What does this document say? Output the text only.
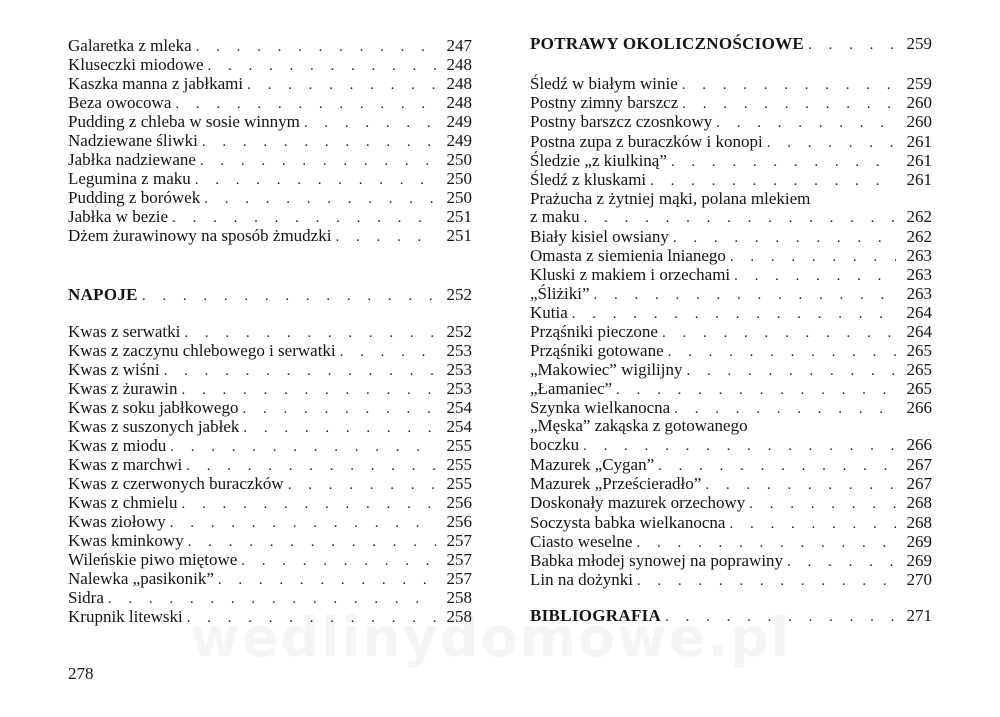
Galaretka z mleka . . .	247
Kluseczki miodowe . . .	248
Kaszka manna z jabłkami . . .	248
Beza owocowa . . .	248
Pudding z chleba w sosie winnym . . .	249
Nadziewane śliwki . . .	249
Jabłka nadziewane . . .	250
Legumina z maku . . .	250
Pudding z borówek . . .	250
Jabłka w bezie . . .	251
Dżem żurawinowy na sposób żmudzki . . .	251
NAPOJE . . .	252
Kwas z serwatki . . .	252
Kwas z zaczynu chlebowego i serwatki . . .	253
Kwas z wiśni . . .	253
Kwas z żurawin . . .	253
Kwas z soku jabłkowego . . .	254
Kwas z suszonych jabłek . . .	254
Kwas z miodu . . .	255
Kwas z marchwi . . .	255
Kwas z czerwonych buraczków . . .	255
Kwas z chmielu . . .	256
Kwas ziołowy . . .	256
Kwas kminkowy . . .	257
Wileńskie piwo miętowe . . .	257
Nalewka „pasikonik” . . .	257
Sidra . . .	258
Krupnik litewski . . .	258
POTRAWY OKOLICZNOŚCIOWE . . .	259
Śledź w białym winie . . .	259
Postny zimny barszcz . . .	260
Postny barszcz czosnkowy . . .	260
Postna zupa z buraczków i konopi . . .	261
Śledzie „z kiulkiną” . . .	261
Śledź z kluskami . . .	261
Prażucha z żytniej mąki, polana mlekiem
z maku . . .	262
Biały kisiel owsiany . . .	262
Omasta z siemienia lnianego . . .	263
Kluski z makiem i orzechami . . .	263
„Śliżiki” . . .	263
Kutia . . .	264
Prząśniki pieczone . . .	264
Prząśniki gotowane . . .	265
„Makowiec” wigilijny . . .	265
„Łamaniec” . . .	265
Szynka wielkanocna . . .	266
„Męska” zakąska z gotowanego
boczku . . .	266
Mazurek „Cygan” . . .	267
Mazurek „Prześcieradło” . . .	267
Doskonały mazurek orzechowy . . .	268
Soczysta babka wielkanocna . . .	268
Ciasto weselne . . .	269
Babka młodej synowej na poprawiny . . .	269
Lin na dożynki . . .	270
BIBLIOGRAFIA . . .	271
278
